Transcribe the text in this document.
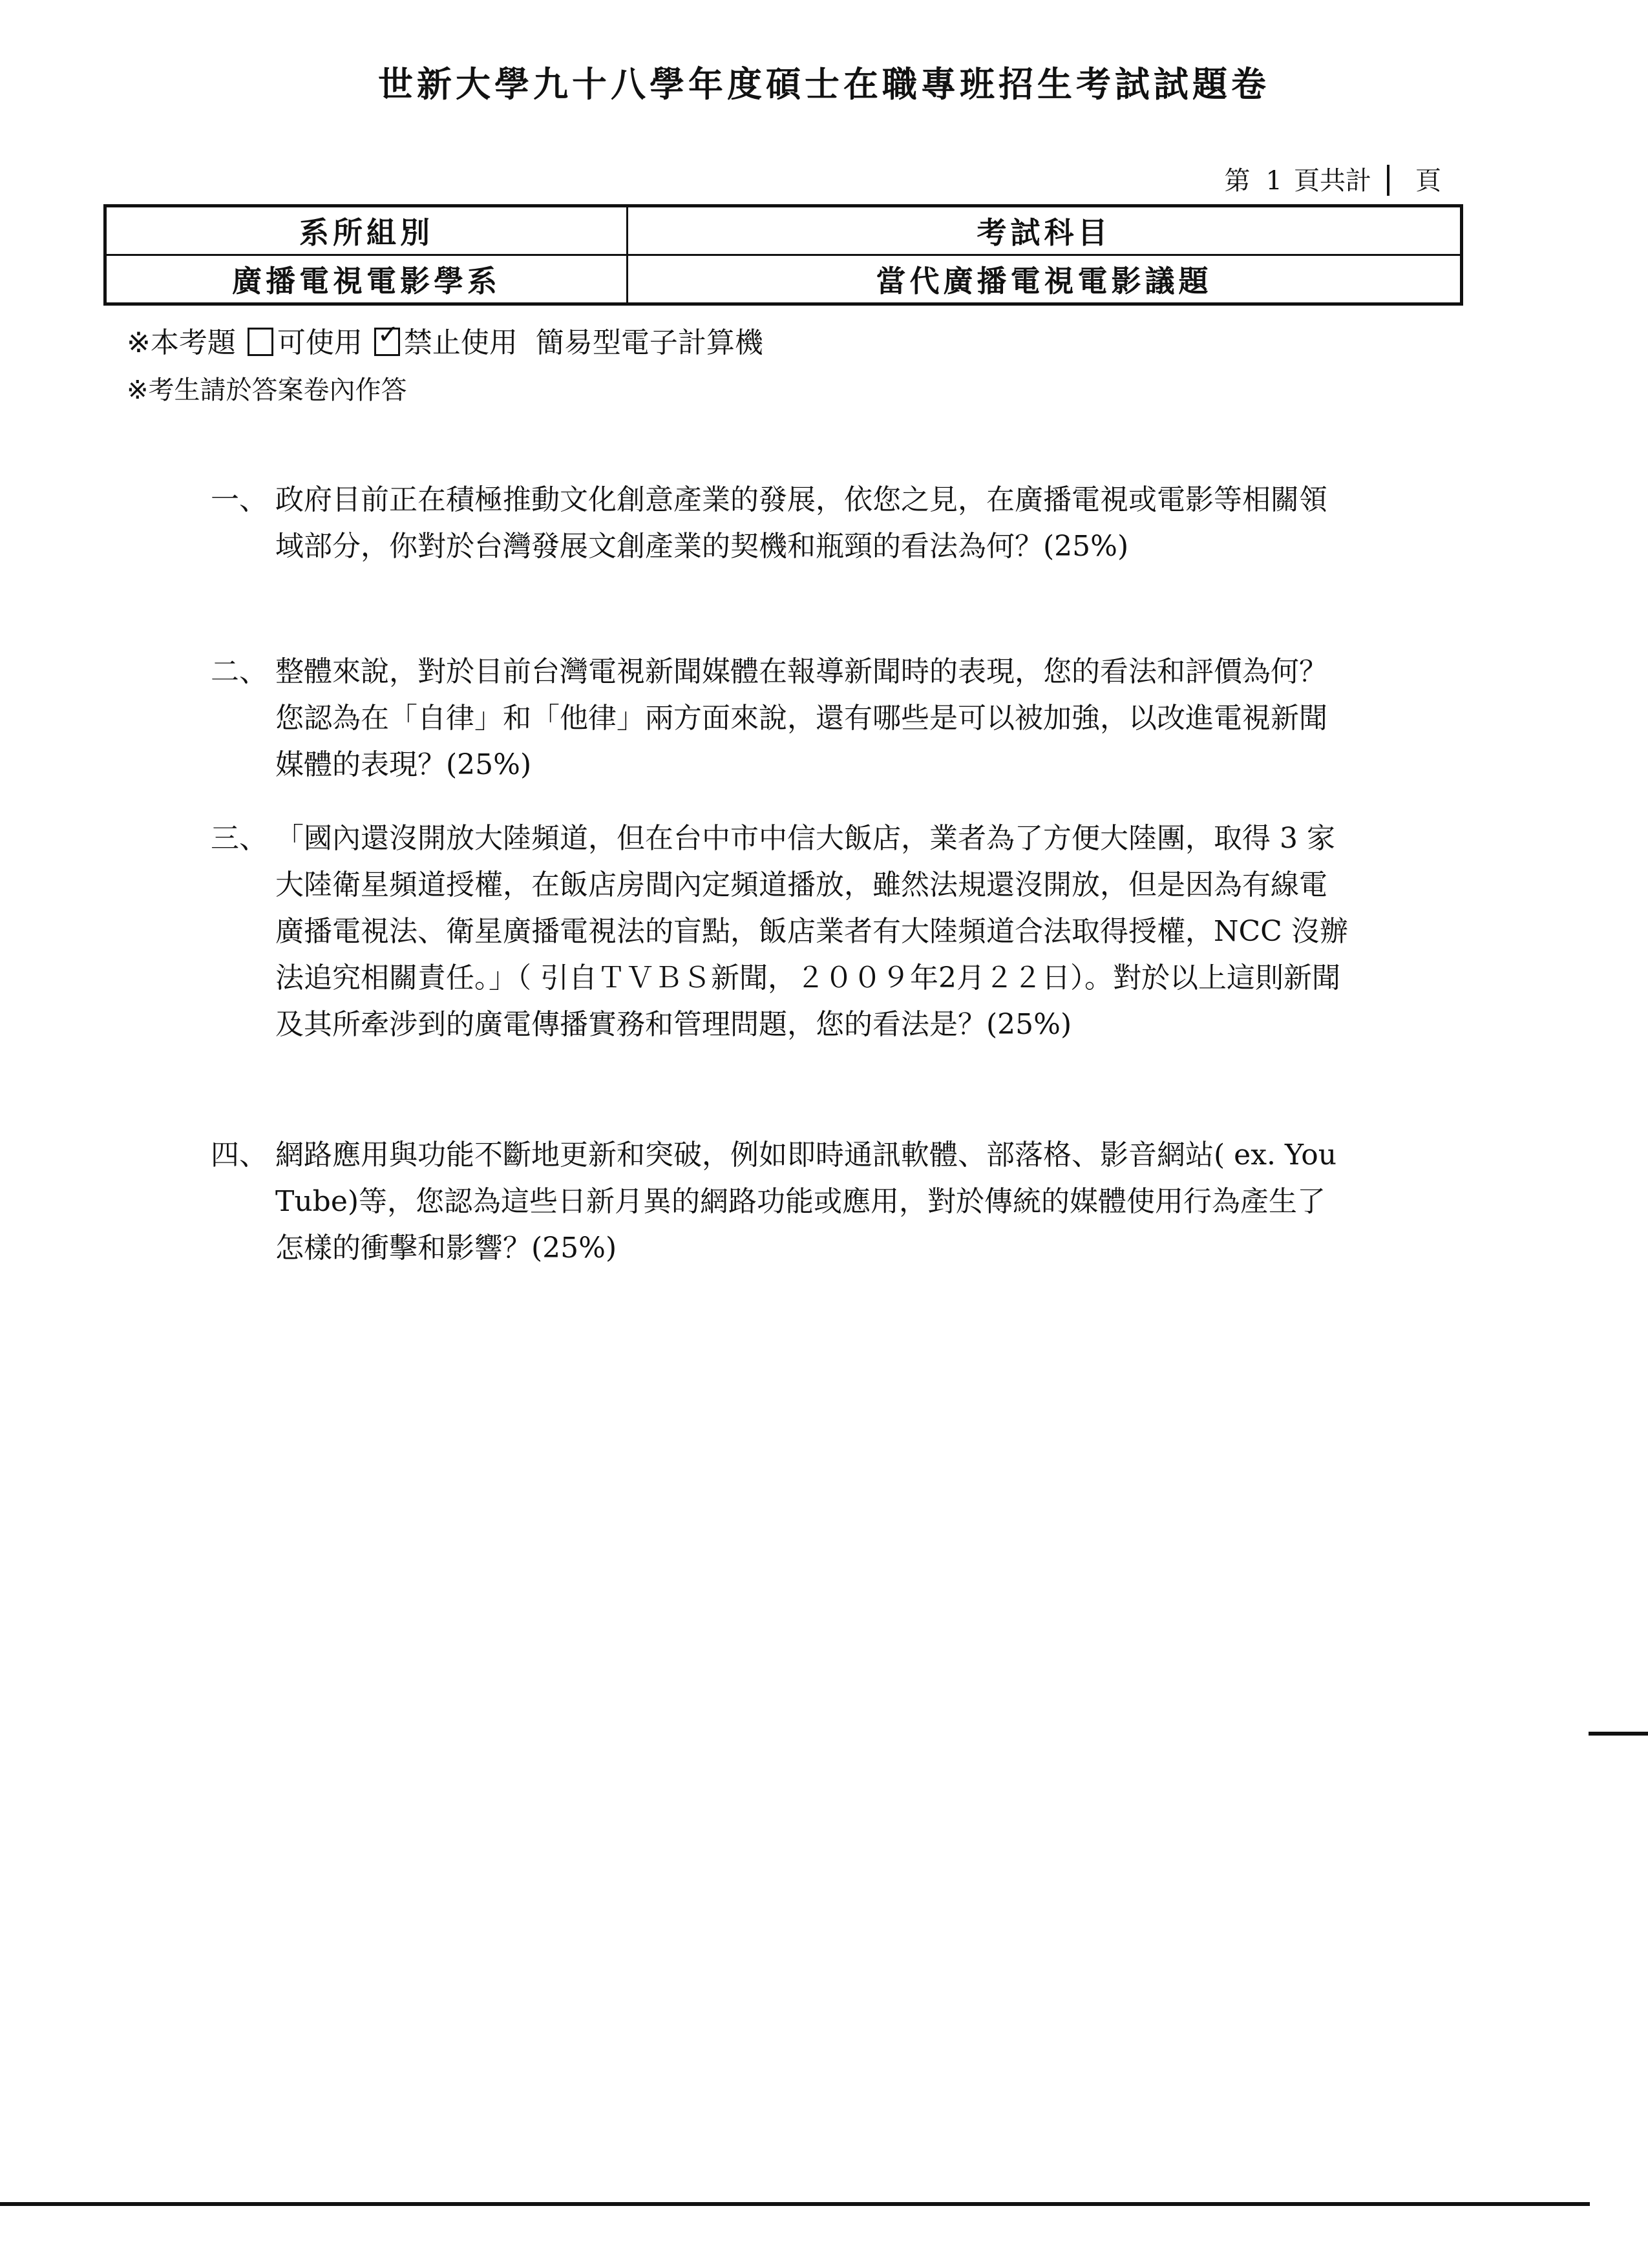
世新大學九十八學年度碩士在職專班招生考試試題卷
第 1 頁共計 頁
系所組別	考試科目
廣播電視電影學系	當代廣播電視電影議題
※本考題 可使用 ✓ 禁止使用 簡易型電子計算機
※考生請於答案卷內作答
一、 政府目前正在積極推動文化創意產業的發展，依您之見，在廣播電視或電影等相關領域部分，你對於台灣發展文創產業的契機和瓶頸的看法為何？(25%)
二、 整體來說，對於目前台灣電視新聞媒體在報導新聞時的表現，您的看法和評價為何？您認為在「自律」和「他律」兩方面來說，還有哪些是可以被加強，以改進電視新聞媒體的表現？(25%)
三、 「國內還沒開放大陸頻道，但在台中市中信大飯店，業者為了方便大陸團，取得 3 家大陸衛星頻道授權，在飯店房間內定頻道播放，雖然法規還沒開放，但是因為有線電廣播電視法、衛星廣播電視法的盲點，飯店業者有大陸頻道合法取得授權，NCC 沒辦法追究相關責任。」（ 引自ＴＶＢＳ新聞，２００９年2月２２日）。對於以上這則新聞及其所牽涉到的廣電傳播實務和管理問題，您的看法是？(25%)
四、 網路應用與功能不斷地更新和突破，例如即時通訊軟體、部落格、影音網站( ex. You Tube)等，您認為這些日新月異的網路功能或應用，對於傳統的媒體使用行為產生了怎樣的衝擊和影響？(25%)
